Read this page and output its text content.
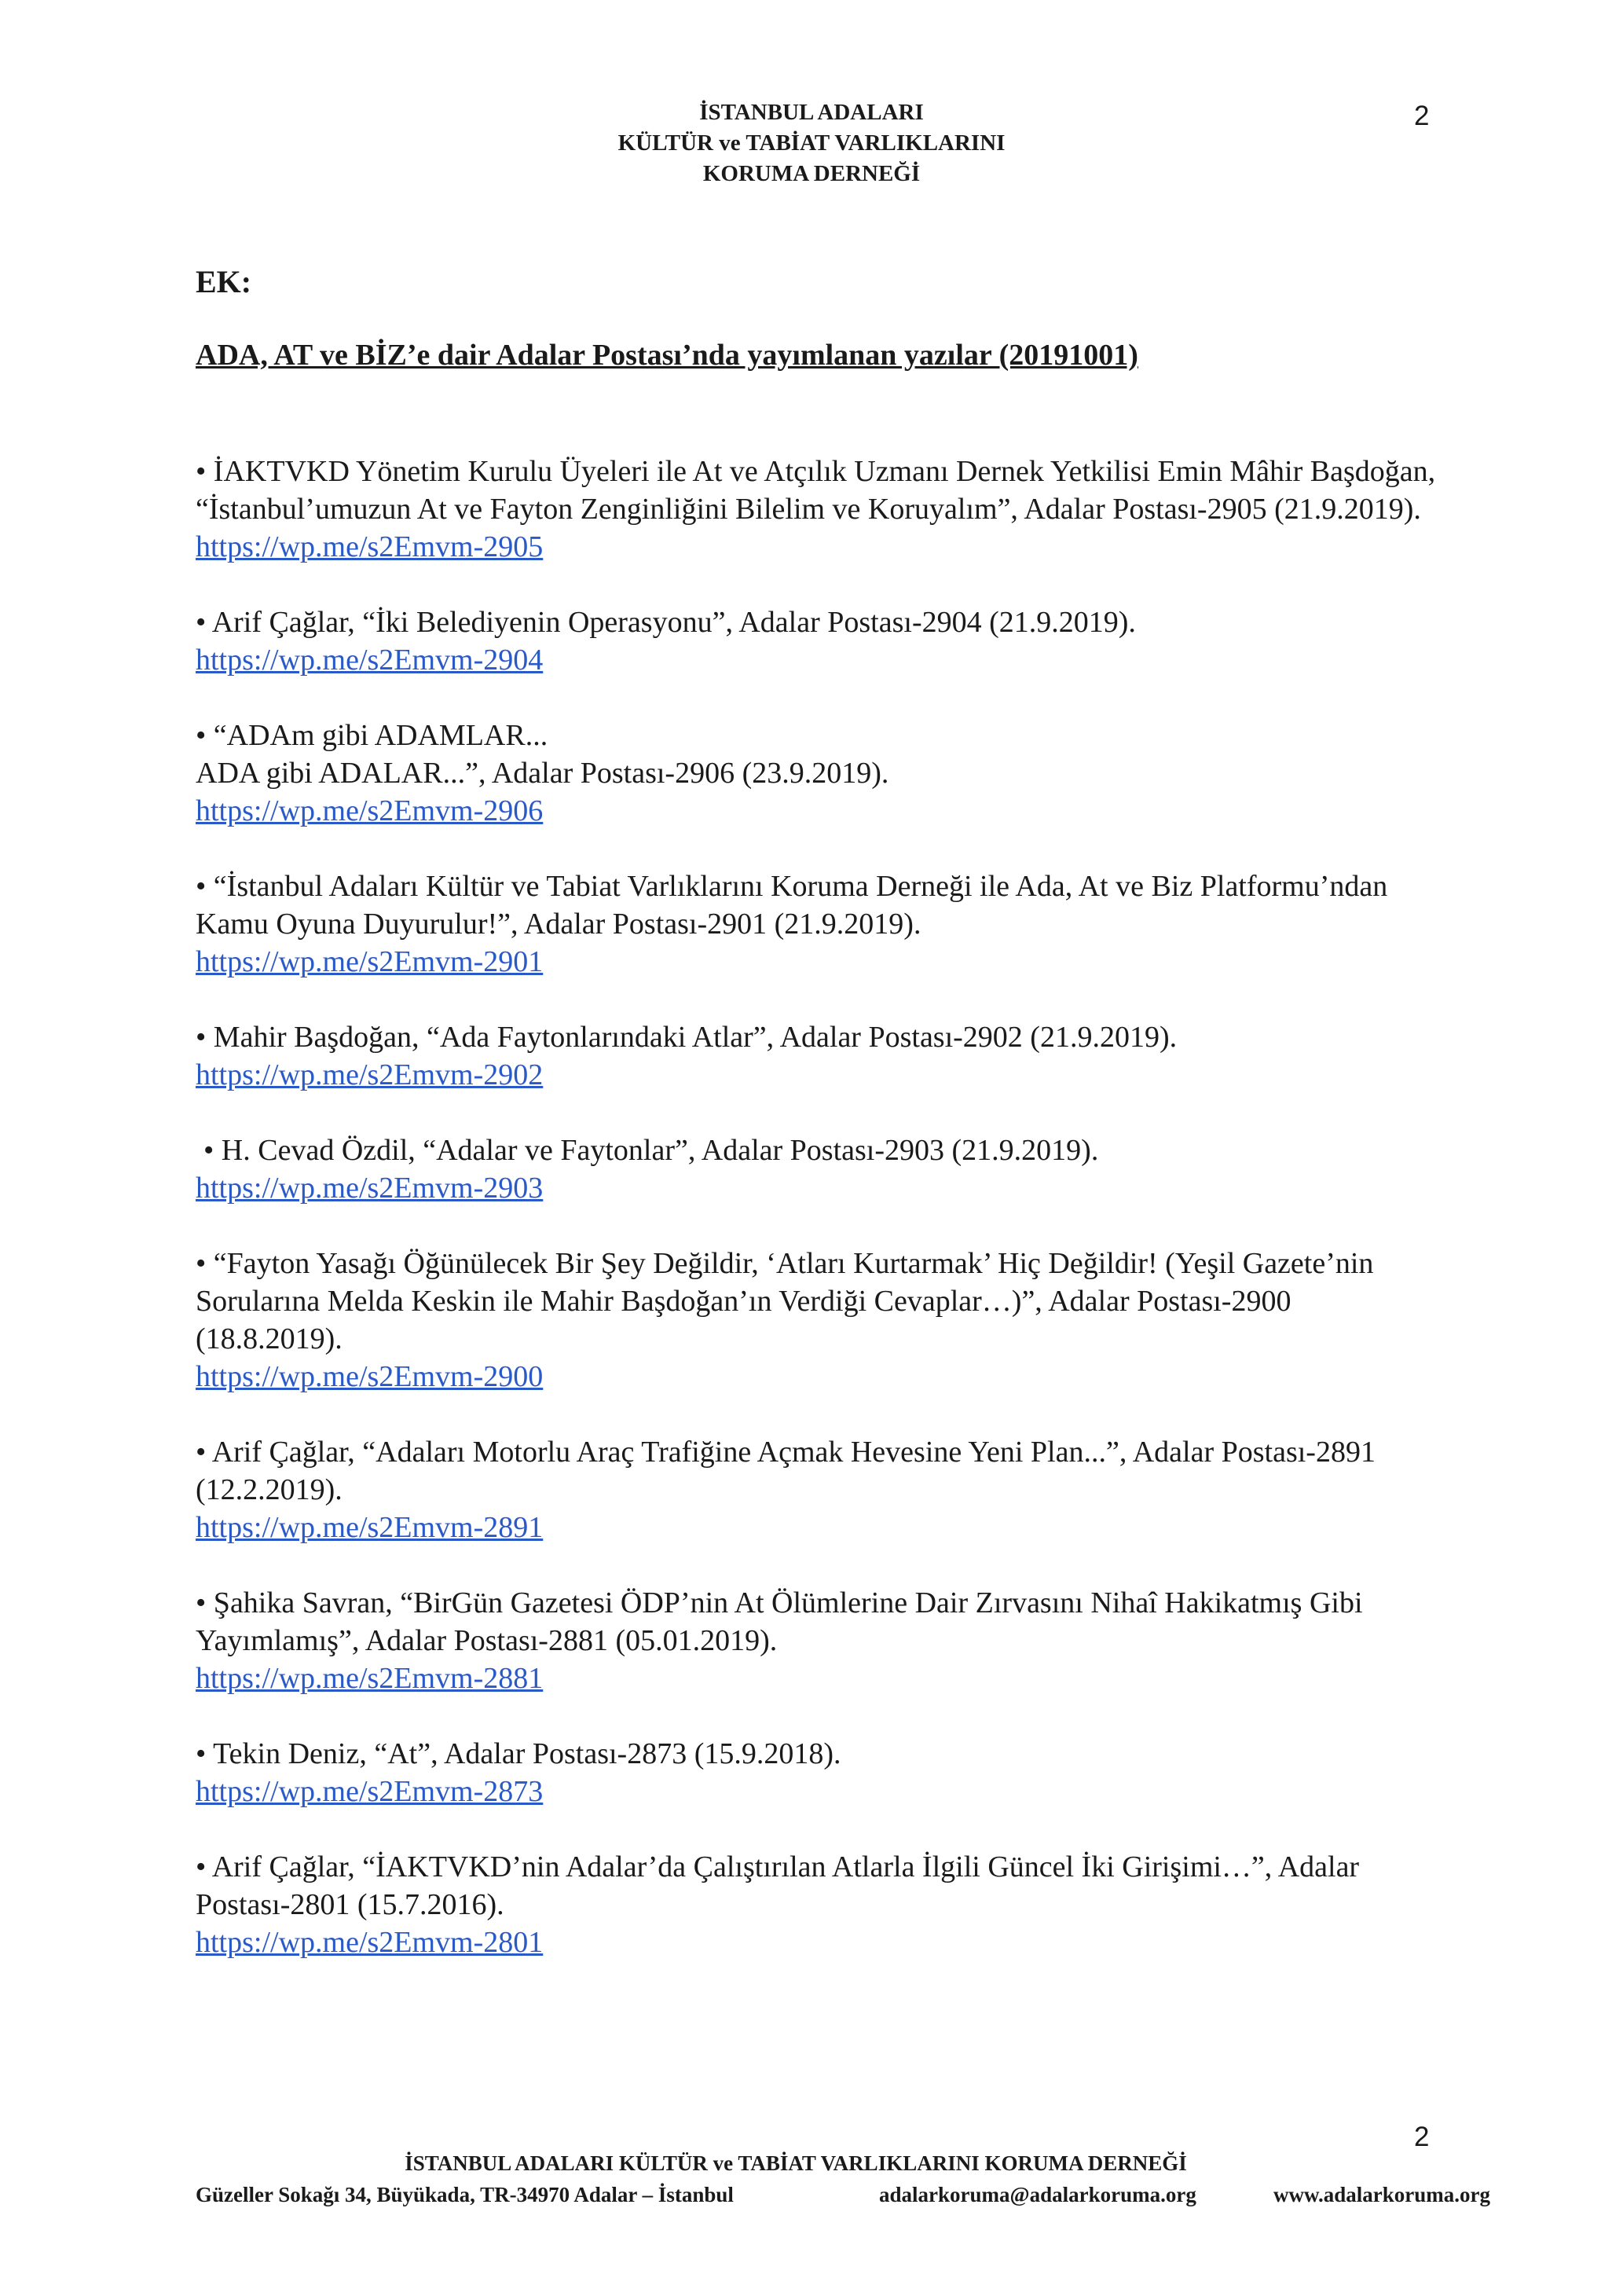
İSTANBUL ADALARI
KÜLTÜR ve TABİAT VARLIKLARINI
KORUMA DERNEĞİ
2
EK:
ADA, AT ve BİZ’e dair Adalar Postası’nda yayımlanan yazılar (20191001)
• İAKTVKD Yönetim Kurulu Üyeleri ile At ve Atçılık Uzmanı Dernek Yetkilisi Emin Mâhir Başdoğan, “İstanbul’umuzun At ve Fayton Zenginliğini Bilelim ve Koruyalım”, Adalar Postası-2905 (21.9.2019).
https://wp.me/s2Emvm-2905
• Arif Çağlar, “İki Belediyenin Operasyonu”, Adalar Postası-2904 (21.9.2019).
https://wp.me/s2Emvm-2904
• “ADAm gibi ADAMLAR...
ADA gibi ADALAR...”, Adalar Postası-2906 (23.9.2019).
https://wp.me/s2Emvm-2906
• “İstanbul Adaları Kültür ve Tabiat Varlıklarını Koruma Derneği ile Ada, At ve Biz Platformu’ndan Kamu Oyuna Duyurulur!”, Adalar Postası-2901 (21.9.2019).
https://wp.me/s2Emvm-2901
• Mahir Başdoğan, “Ada Faytonlarındaki Atlar”, Adalar Postası-2902 (21.9.2019).
https://wp.me/s2Emvm-2902
• H. Cevad Özdil, “Adalar ve Faytonlar”, Adalar Postası-2903 (21.9.2019).
https://wp.me/s2Emvm-2903
• “Fayton Yasağı Öğünülecek Bir Şey Değildir, ‘Atları Kurtarmak’ Hiç Değildir! (Yeşil Gazete’nin Sorularına Melda Keskin ile Mahir Başdoğan’ın Verdiği Cevaplar…)”, Adalar Postası-2900 (18.8.2019).
https://wp.me/s2Emvm-2900
• Arif Çağlar, “Adaları Motorlu Araç Trafiğine Açmak Hevesine Yeni Plan...”, Adalar Postası-2891 (12.2.2019).
https://wp.me/s2Emvm-2891
• Şahika Savran, “BirGün Gazetesi ÖDP’nin At Ölümlerine Dair Zırvasını Nihaî Hakikatmış Gibi Yayımlamış”, Adalar Postası-2881 (05.01.2019).
https://wp.me/s2Emvm-2881
• Tekin Deniz, “At”, Adalar Postası-2873 (15.9.2018).
https://wp.me/s2Emvm-2873
• Arif Çağlar, “İAKTVKD’nin Adalar’da Çalıştırılan Atlarla İlgili Güncel İki Girişimi…”, Adalar Postası-2801 (15.7.2016).
https://wp.me/s2Emvm-2801
2
İSTANBUL ADALARI KÜLTÜR ve TABİAT VARLIKLARINI KORUMA DERNEĞİ
Güzeller Sokağı 34, Büyükada, TR-34970 Adalar – İstanbul	adalarkoruma@adalarkoruma.org	www.adalarkoruma.org
